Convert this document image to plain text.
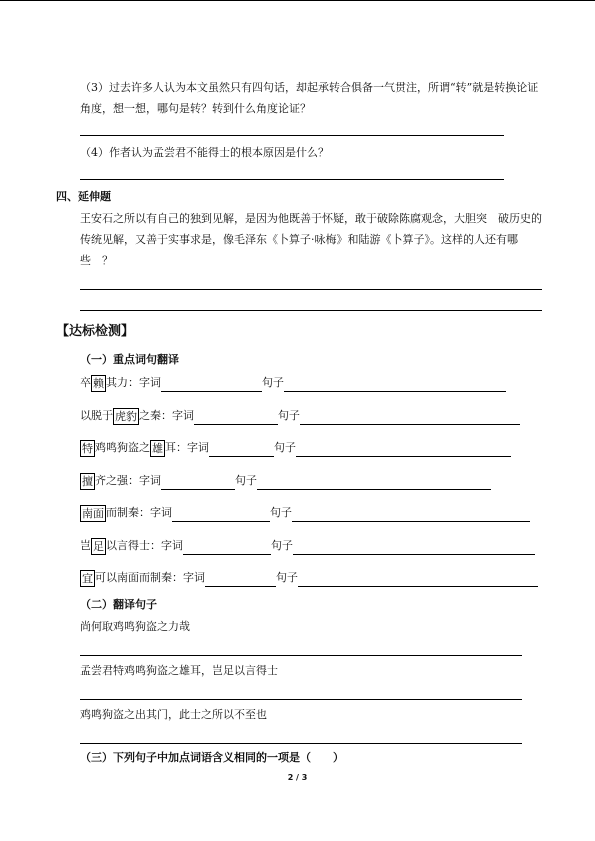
（3）过去许多人认为本文虽然只有四句话，却起承转合俱备一气贯注，所谓“转”就是转换论证角度，想一想，哪句是转？转到什么角度论证？
（4）作者认为孟尝君不能得士的根本原因是什么？
四、延伸题
王安石之所以有自己的独到见解，是因为他既善于怀疑，敢于破除陈腐观念，大胆突　破历史的传统见解，又善于实事求是，像毛泽东《卜算子·咏梅》和陆游《卜算子》。这样的人还有哪些　？
【达标检测】
（一）重点词句翻译
卒 赖 其力：字词	句子
以脱于 虎豹 之秦：字词	句子
特 鸡鸣狗盗之 雄 耳：字词	句子
擅 齐之强：字词	句子
南面 而制秦：字词	句子
岂 足 以言得士：字词	句子
宜 可以南面而制秦：字词	句子
（二）翻译句子
尚何取鸡鸣狗盗之力哉
孟尝君特鸡鸣狗盗之雄耳，岂足以言得士
鸡鸣狗盗之出其门，此士之所以不至也
（三）下列句子中加点词语含义相同的一项是（　　）
2 / 3
